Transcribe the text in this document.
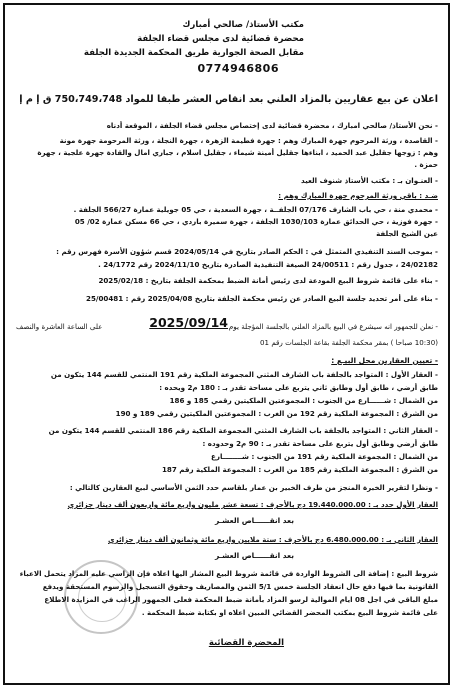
مكتب الأستاذ/ صالحي أمبارك
محضرة قضائية لدى مجلس قضاء الجلفة
مقابل الصحة الجوارية طريق المحكمة الجديدة الجلفة
0774946806
اعلان عن بيع عقاريين بالمزاد العلني بعد انقاص العشر طبقا للمواد 750،749،748 ق إ م إ
- نحن الأستاذ/ صالحي امبارك ، محضرة قضائية لدى إختصاص مجلس قضاء الجلفة ، الموقعة أدناه
- القاصدة ، ورثة المرحوم جهرة المبارك وهم : جهرة فطيمة الزهرة ، جهرة النجلة ، ورثة المرحومة جهرة مونة
وهم : زوجها جقليل عبد الحميد ، ابناءها جقليل أمينة شيماء ، جقليل اسلام ، جباري امال والقادة جهرة علجية ، جهرة
حمزة .
- العنـوان بـ : مكتب الأستاذ شنوف العيد
ضـد : باقي ورثة المرحوم جهرة المبارك وهم :
- محمدي منة ، حي باب الشارف 07/176 الجلفــة ، جهرة السعدية ، حي 05 جويلية عمارة 566/27 الجلفة .
- جهرة فوزية ، حي الحدائق عمارة 1030/103 الجلفة ، جهرة سميرة باردي ، حي 66 مسكن عمارة 02/ 05
عين الشيخ الجلفة
- بموجب السند التنفيذي المتمثل في : الحكم الصادر بتاريخ في 2024/05/14 قسم شؤون الأسرة فهرس رقم :
24/02182 ، جدول رقم : 24/00511 الصيغة التنفيذية الصادرة بتاريخ 2024/11/10 رقم 24/1772 .
- بناء على قائمة شروط البيع المودعة لدى رئيس أمانة الضبط بمحكمة الجلفة بتاريخ : 2025/02/18
- بناء على أمر تحديد جلسة البيع الصادر عن رئيس محكمة الجلفة بتاريخ 2025/04/08 رقم : 25/00481
- نعلن للجمهور انه سيشرع في البيع بالمزاد العلني بالجلسة المؤجلة يوم :
2025/09/14
على الساعة العاشرة والنصف
(10:30 صباحا ) بمقر محكمة الجلفة بقاعة الجلسات رقم 01
- تعيين العقارين محل البيـع :
- العقار الأول : المتواجد بالجلفة باب الشارف المثني المجموعة الملكية رقم 191 المنتمي للقسم 144 يتكون من
طابق أرضي ، طابق أول وطابق ثاني يتربع على مساحة تقدر بـ : 180 م2 ويحده :
من الشمال : شــــــارع من الجنوب : المجموعتين الملكيتين رقمي 185 و 186
من الشرق : المجموعة الملكية رقم 192 من الغرب : المجموعتين الملكيتين رقمي 189 و 190
- العقار الثاني : المتواجد بالجلفة باب الشارف المثني المجموعة الملكية رقم 186 المنتمي للقسم 144 يتكون من
طابق أرضي وطابق أول يتربع على مساحة تقدر بـ : 90 م2 وحدوده :
من الشمال : المجموعة الملكية رقم 191 من الجنوب : شــــــــارع
من الشرق : المجموعة الملكية رقم 185 من الغرب : المجموعة الملكية رقم 187
- ونظرا لتقرير الخبرة المنجز من طرف الخبير بن عمار بلقاسم حدد الثمن الأساسي لبيع العقارين كالتالي :
العقار الأول حدد بـ : 19.440.000.00 دج بالأحرف : تسعة عشر مليون واربع مائة واربعون ألف دينار جزائري
بعد انقــــــاص العشـر
العقار الثاني بـ : 6.480.000.00 دج بالأحرف : ستة ملايين واربع مائة وثمانون ألف دينار جزائري
بعد انقــــــاص العشـر
شروط البيع : إضافة الى الشروط الواردة في قائمة شروط البيع المشار اليها اعلاه فإن الراسي عليه المزاد يتحمل الاعباء
القانونية بما فيها دفع حال انعقاد الجلسة خمس 5/1 الثمن والمصاريف وحقوق التسجيل والرسوم المستحقة ويدفع
مبلغ الباقي في اجل 08 ايام الموالية لرسو المزاد بأمانة ضبط المحكمة فعلى الجمهور الراغب في المزايدة الاطلاع
على قائمة شروط البيع بمكتب المحضر القضائي المبين اعلاه او بكتابة ضبط المحكمة .
المحضرة القضائية
